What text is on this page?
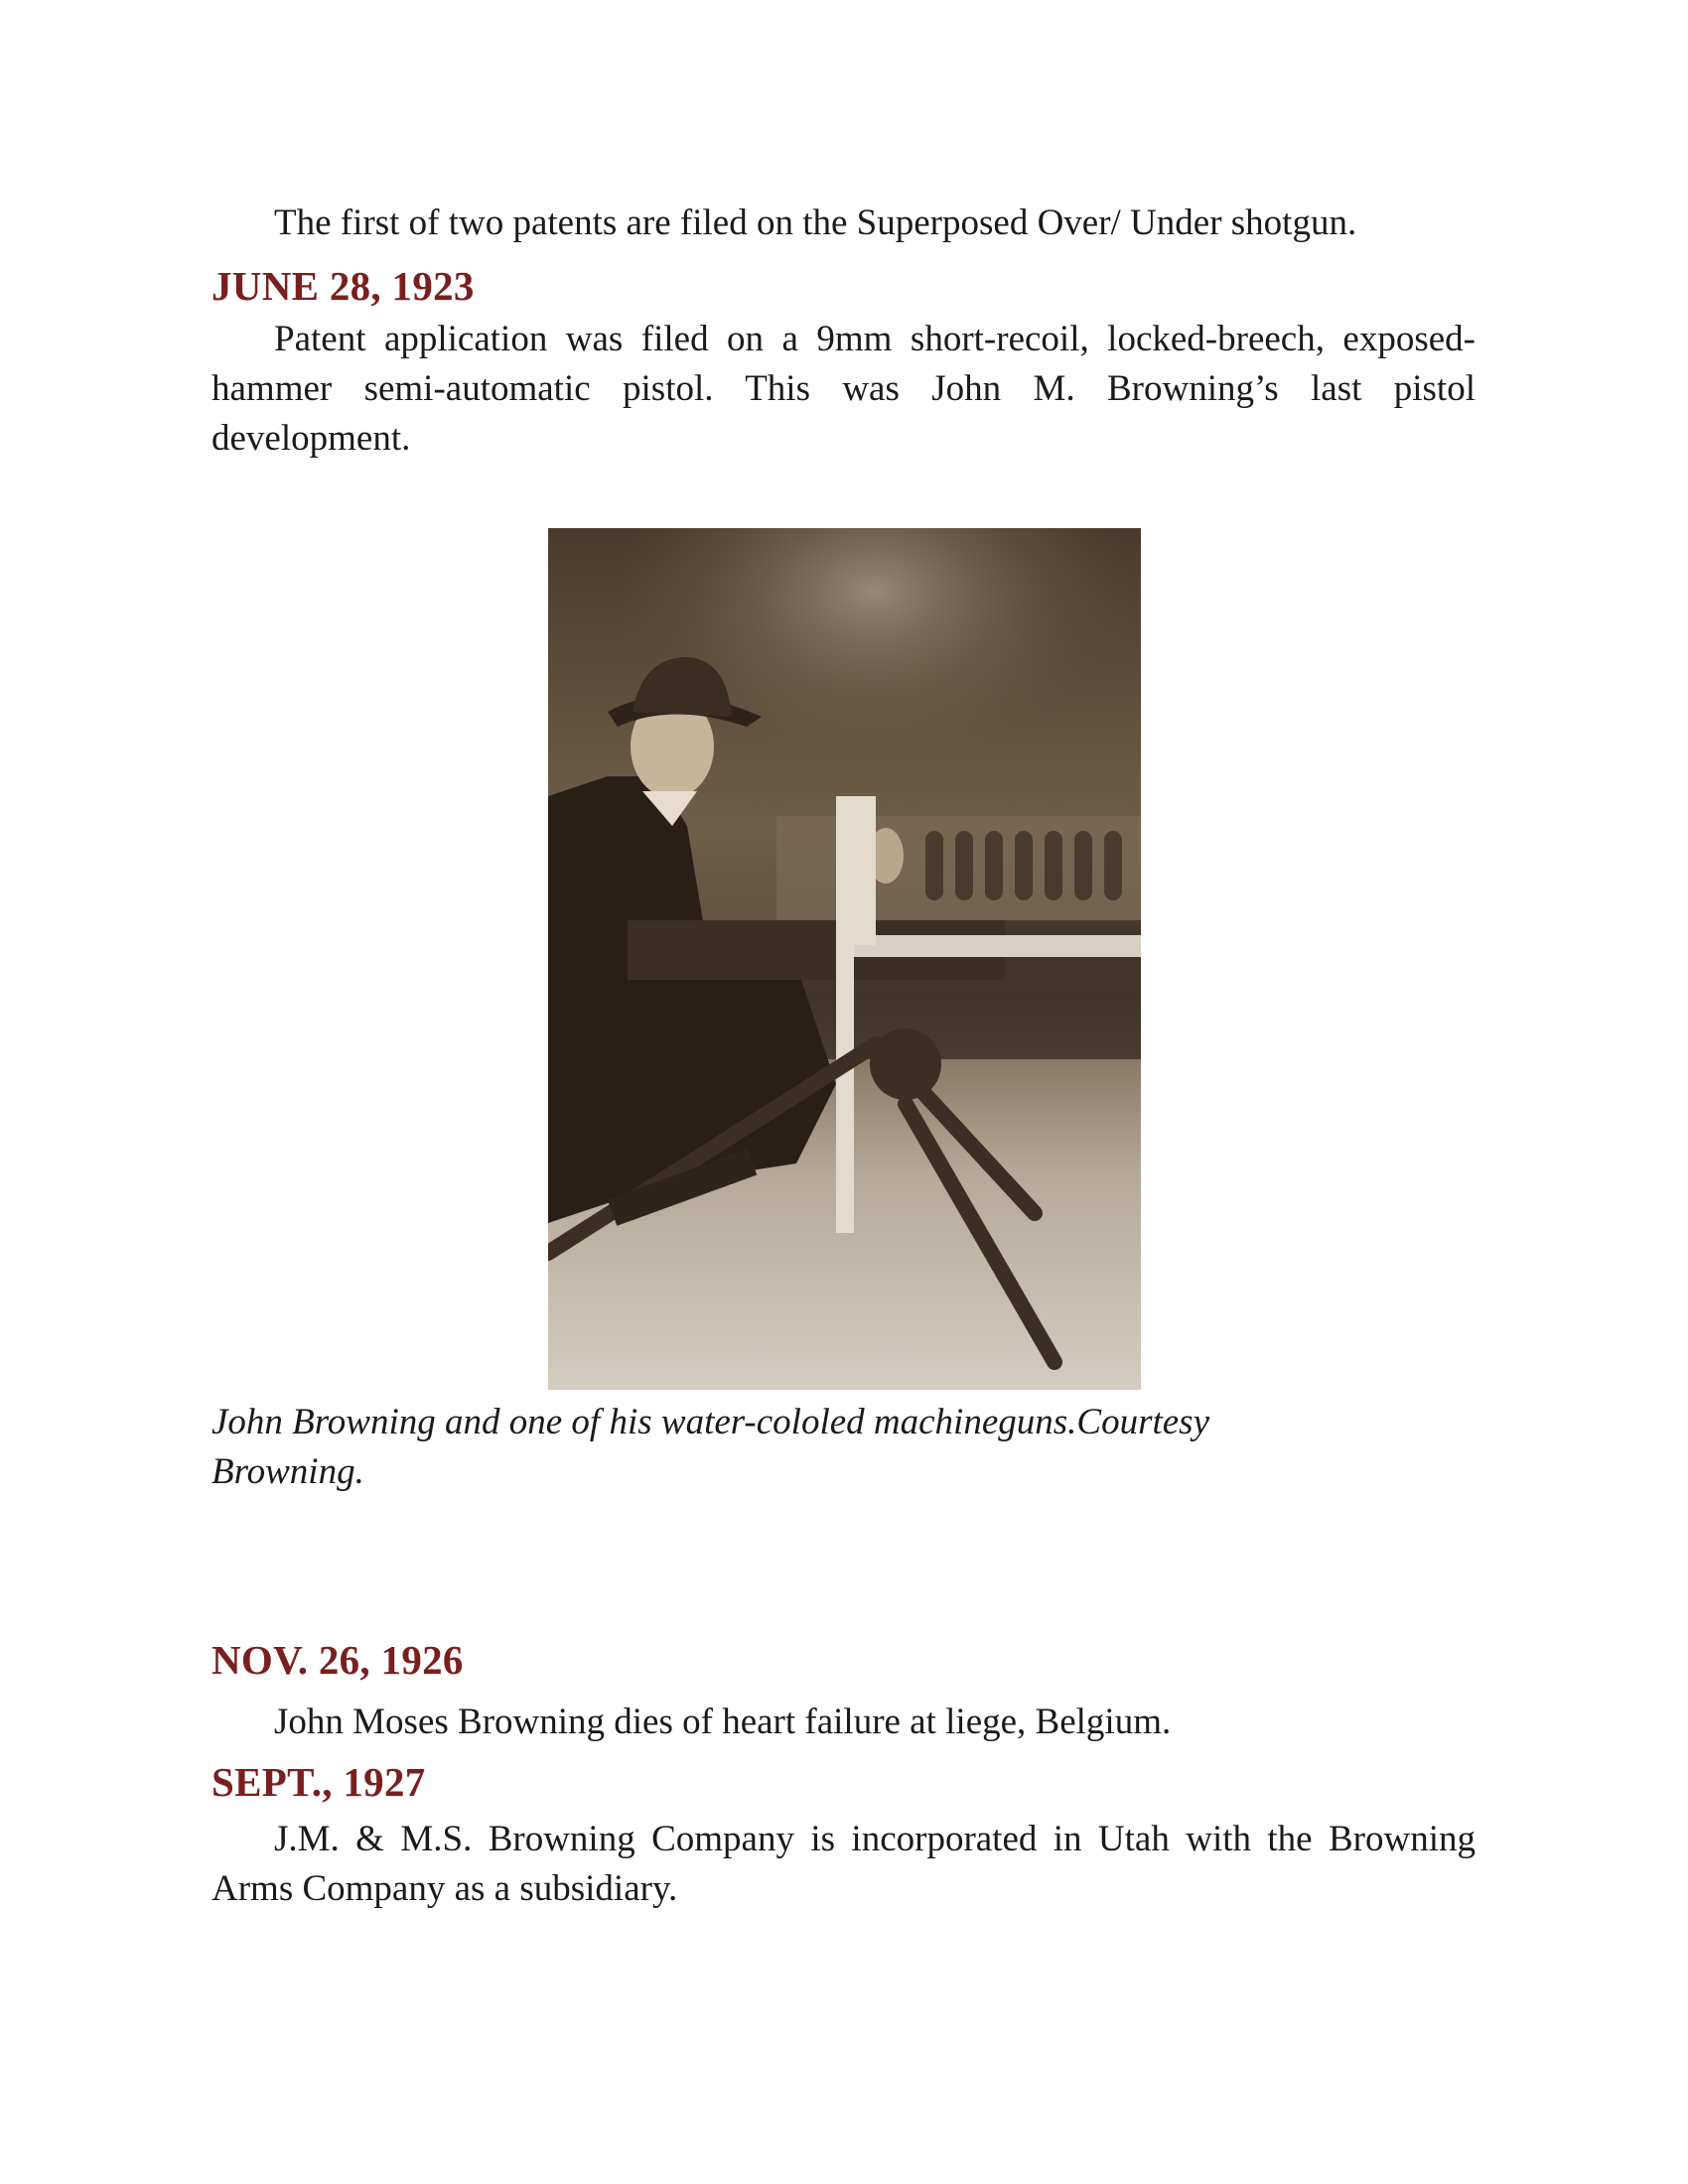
The first of two patents are filed on the Superposed Over/ Under shotgun.

JUNE 28, 1923

Patent application was filed on a 9mm short-recoil, locked-breech, exposed-hammer semi-automatic pistol. This was John M. Browning’s last pistol development.

John Browning and one of his water-cololed machineguns.Courtesy Browning.

NOV. 26, 1926

John Moses Browning dies of heart failure at liege, Belgium.

SEPT., 1927

J.M. & M.S. Browning Company is incorporated in Utah with the Browning Arms Company as a subsidiary.
